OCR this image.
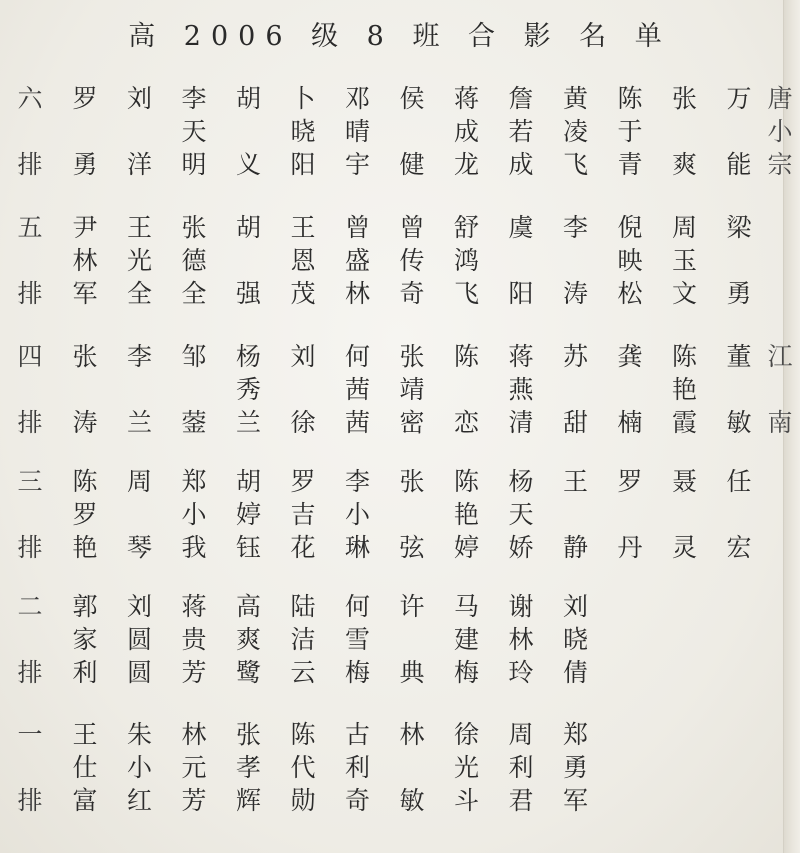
高 2006 级 8 班 合 影 名 单
六
排
罗
勇
刘
洋
李
天
明
胡
义
卜
晓
阳
邓
晴
宇
侯
健
蒋
成
龙
詹
若
成
黄
凌
飞
陈
于
青
张
爽
万
能
唐
小
宗
五
排
尹
林
军
王
光
全
张
德
全
胡
强
王
恩
茂
曾
盛
林
曾
传
奇
舒
鸿
飞
虞
阳
李
涛
倪
映
松
周
玉
文
梁
勇
四
排
张
涛
李
兰
邹
蓥
杨
秀
兰
刘
徐
何
茜
茜
张
靖
密
陈
恋
蒋
燕
清
苏
甜
龚
楠
陈
艳
霞
董
敏
江
南
三
排
陈
罗
艳
周
琴
郑
小
我
胡
婷
钰
罗
吉
花
李
小
琳
张
弦
陈
艳
婷
杨
天
娇
王
静
罗
丹
聂
灵
任
宏
二
排
郭
家
利
刘
圆
圆
蒋
贵
芳
高
爽
鹭
陆
洁
云
何
雪
梅
许
典
马
建
梅
谢
林
玲
刘
晓
倩
一
排
王
仕
富
朱
小
红
林
元
芳
张
孝
辉
陈
代
勋
古
利
奇
林
敏
徐
光
斗
周
利
君
郑
勇
军
